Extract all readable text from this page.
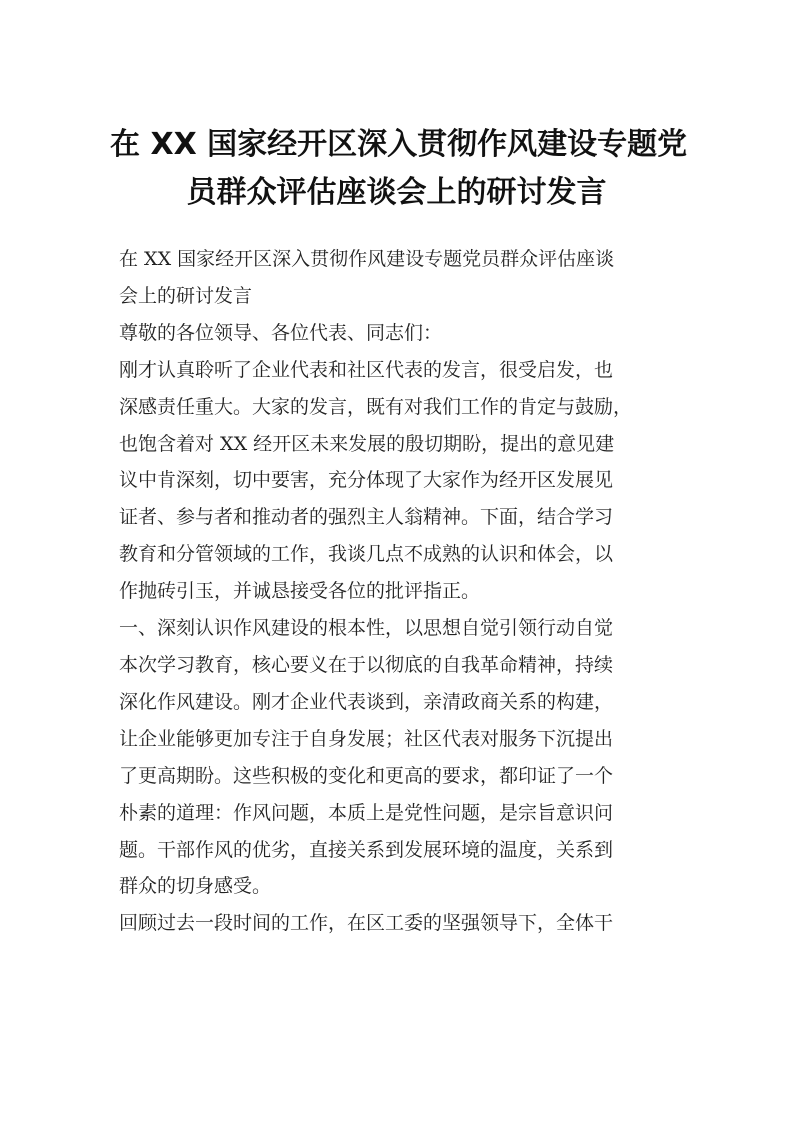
在 XX 国家经开区深入贯彻作风建设专题党
员群众评估座谈会上的研讨发言

在 XX 国家经开区深入贯彻作风建设专题党员群众评估座谈
会上的研讨发言

尊敬的各位领导、各位代表、同志们：

刚才认真聆听了企业代表和社区代表的发言，很受启发，也
深感责任重大。大家的发言，既有对我们工作的肯定与鼓励，
也饱含着对 XX 经开区未来发展的殷切期盼，提出的意见建
议中肯深刻，切中要害，充分体现了大家作为经开区发展见
证者、参与者和推动者的强烈主人翁精神。下面，结合学习
教育和分管领域的工作，我谈几点不成熟的认识和体会，以
作抛砖引玉，并诚恳接受各位的批评指正。

一、深刻认识作风建设的根本性，以思想自觉引领行动自觉

本次学习教育，核心要义在于以彻底的自我革命精神，持续
深化作风建设。刚才企业代表谈到，亲清政商关系的构建，
让企业能够更加专注于自身发展；社区代表对服务下沉提出
了更高期盼。这些积极的变化和更高的要求，都印证了一个
朴素的道理：作风问题，本质上是党性问题，是宗旨意识问
题。干部作风的优劣，直接关系到发展环境的温度，关系到
群众的切身感受。

回顾过去一段时间的工作，在区工委的坚强领导下，全体干
